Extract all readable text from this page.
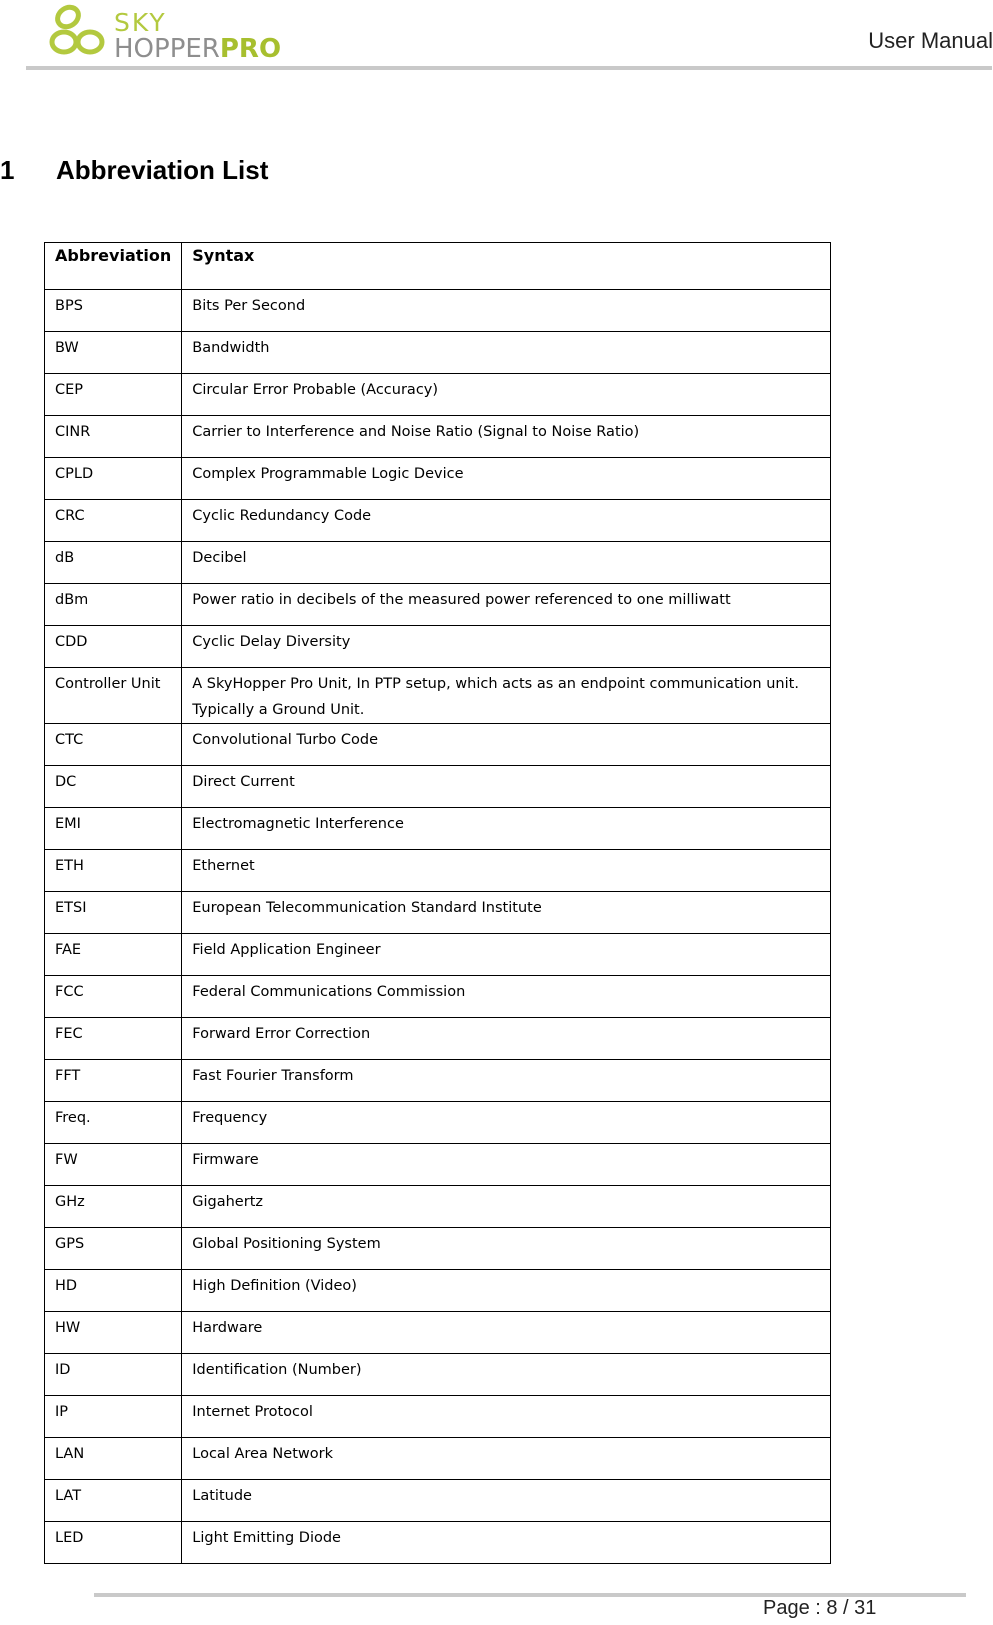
SKY
HOPPERPRO	User Manual
1	Abbreviation List
Abbreviation	Syntax
BPS	Bits Per Second
BW	Bandwidth
CEP	Circular Error Probable (Accuracy)
CINR	Carrier to Interference and Noise Ratio (Signal to Noise Ratio)
CPLD	Complex Programmable Logic Device
CRC	Cyclic Redundancy Code
dB	Decibel
dBm	Power ratio in decibels of the measured power referenced to one milliwatt
CDD	Cyclic Delay Diversity
Controller Unit	A SkyHopper Pro Unit, In PTP setup, which acts as an endpoint communication unit. Typically a Ground Unit.
CTC	Convolutional Turbo Code
DC	Direct Current
EMI	Electromagnetic Interference
ETH	Ethernet
ETSI	European Telecommunication Standard Institute
FAE	Field Application Engineer
FCC	Federal Communications Commission
FEC	Forward Error Correction
FFT	Fast Fourier Transform
Freq.	Frequency
FW	Firmware
GHz	Gigahertz
GPS	Global Positioning System
HD	High Definition (Video)
HW	Hardware
ID	Identification (Number)
IP	Internet Protocol
LAN	Local Area Network
LAT	Latitude
LED	Light Emitting Diode
Page : 8 / 31
